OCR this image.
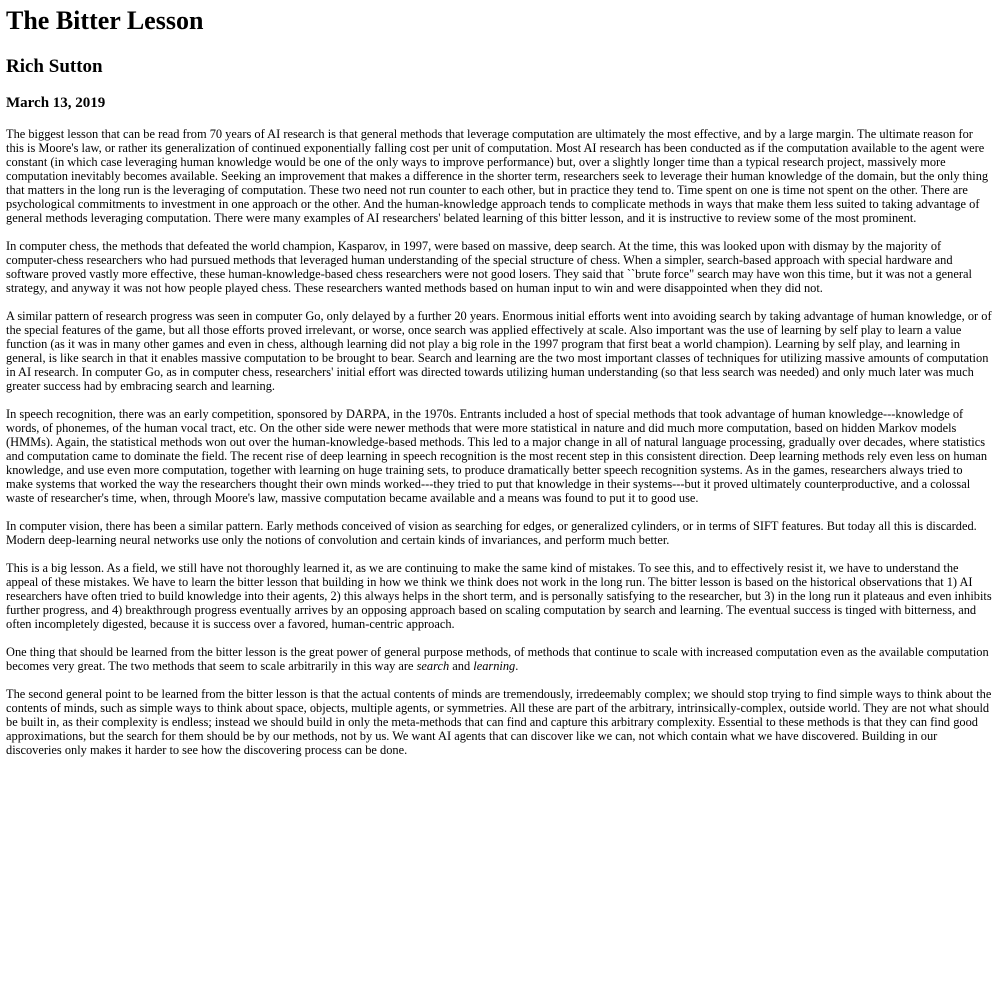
The Bitter Lesson
Rich Sutton
March 13, 2019

The biggest lesson that can be read from 70 years of AI research is that general methods that leverage computation are ultimately the most effective, and by a large margin. The ultimate reason for this is Moore's law, or rather its generalization of continued exponentially falling cost per unit of computation. Most AI research has been conducted as if the computation available to the agent were constant (in which case leveraging human knowledge would be one of the only ways to improve performance) but, over a slightly longer time than a typical research project, massively more computation inevitably becomes available. Seeking an improvement that makes a difference in the shorter term, researchers seek to leverage their human knowledge of the domain, but the only thing that matters in the long run is the leveraging of computation. These two need not run counter to each other, but in practice they tend to. Time spent on one is time not spent on the other. There are psychological commitments to investment in one approach or the other. And the human-knowledge approach tends to complicate methods in ways that make them less suited to taking advantage of general methods leveraging computation. There were many examples of AI researchers' belated learning of this bitter lesson, and it is instructive to review some of the most prominent.

In computer chess, the methods that defeated the world champion, Kasparov, in 1997, were based on massive, deep search. At the time, this was looked upon with dismay by the majority of computer-chess researchers who had pursued methods that leveraged human understanding of the special structure of chess. When a simpler, search-based approach with special hardware and software proved vastly more effective, these human-knowledge-based chess researchers were not good losers. They said that ``brute force" search may have won this time, but it was not a general strategy, and anyway it was not how people played chess. These researchers wanted methods based on human input to win and were disappointed when they did not.

A similar pattern of research progress was seen in computer Go, only delayed by a further 20 years. Enormous initial efforts went into avoiding search by taking advantage of human knowledge, or of the special features of the game, but all those efforts proved irrelevant, or worse, once search was applied effectively at scale. Also important was the use of learning by self play to learn a value function (as it was in many other games and even in chess, although learning did not play a big role in the 1997 program that first beat a world champion). Learning by self play, and learning in general, is like search in that it enables massive computation to be brought to bear. Search and learning are the two most important classes of techniques for utilizing massive amounts of computation in AI research. In computer Go, as in computer chess, researchers' initial effort was directed towards utilizing human understanding (so that less search was needed) and only much later was much greater success had by embracing search and learning.

In speech recognition, there was an early competition, sponsored by DARPA, in the 1970s. Entrants included a host of special methods that took advantage of human knowledge---knowledge of words, of phonemes, of the human vocal tract, etc. On the other side were newer methods that were more statistical in nature and did much more computation, based on hidden Markov models (HMMs). Again, the statistical methods won out over the human-knowledge-based methods. This led to a major change in all of natural language processing, gradually over decades, where statistics and computation came to dominate the field. The recent rise of deep learning in speech recognition is the most recent step in this consistent direction. Deep learning methods rely even less on human knowledge, and use even more computation, together with learning on huge training sets, to produce dramatically better speech recognition systems. As in the games, researchers always tried to make systems that worked the way the researchers thought their own minds worked---they tried to put that knowledge in their systems---but it proved ultimately counterproductive, and a colossal waste of researcher's time, when, through Moore's law, massive computation became available and a means was found to put it to good use.

In computer vision, there has been a similar pattern. Early methods conceived of vision as searching for edges, or generalized cylinders, or in terms of SIFT features. But today all this is discarded. Modern deep-learning neural networks use only the notions of convolution and certain kinds of invariances, and perform much better.

This is a big lesson. As a field, we still have not thoroughly learned it, as we are continuing to make the same kind of mistakes. To see this, and to effectively resist it, we have to understand the appeal of these mistakes. We have to learn the bitter lesson that building in how we think we think does not work in the long run. The bitter lesson is based on the historical observations that 1) AI researchers have often tried to build knowledge into their agents, 2) this always helps in the short term, and is personally satisfying to the researcher, but 3) in the long run it plateaus and even inhibits further progress, and 4) breakthrough progress eventually arrives by an opposing approach based on scaling computation by search and learning. The eventual success is tinged with bitterness, and often incompletely digested, because it is success over a favored, human-centric approach.

One thing that should be learned from the bitter lesson is the great power of general purpose methods, of methods that continue to scale with increased computation even as the available computation becomes very great. The two methods that seem to scale arbitrarily in this way are search and learning.

The second general point to be learned from the bitter lesson is that the actual contents of minds are tremendously, irredeemably complex; we should stop trying to find simple ways to think about the contents of minds, such as simple ways to think about space, objects, multiple agents, or symmetries. All these are part of the arbitrary, intrinsically-complex, outside world. They are not what should be built in, as their complexity is endless; instead we should build in only the meta-methods that can find and capture this arbitrary complexity. Essential to these methods is that they can find good approximations, but the search for them should be by our methods, not by us. We want AI agents that can discover like we can, not which contain what we have discovered. Building in our discoveries only makes it harder to see how the discovering process can be done.
